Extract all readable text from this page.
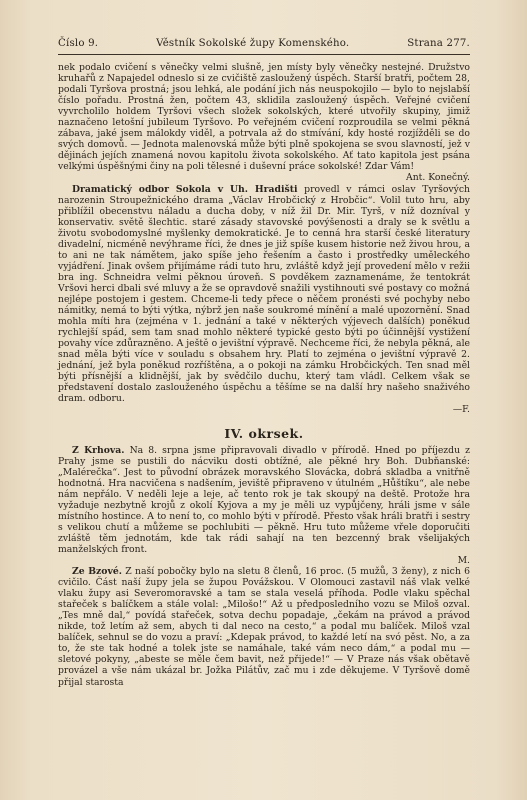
Číslo 9.	Věstník Sokolské župy Komenského.	Strana 277.

nek podalo cvičení s věnečky velmi slušně, jen místy byly věnečky nestejné. Družstvo kruhařů z Napajedel odneslo si ze cvičiště zasloužený úspěch. Starší bratři, počtem 28, podali Tyršova prostná; jsou lehká, ale podání jich nás neuspokojilo — bylo to nejslabší číslo pořadu. Prostná žen, počtem 43, sklidila zasloužený úspěch. Veřejné cvičení vyvrcholilo holdem Tyršovi všech složek sokolských, které utvořily skupiny, jimiž naznačeno letošní jubileum Tyršovo. Po veřejném cvičení rozproudila se velmi pěkná zábava, jaké jsem málokdy viděl, a potrvala až do stmívání, kdy hosté rozjížděli se do svých domovů. — Jednota malenovská může býti plně spokojena se svou slavností, jež v dějinách jejích znamená novou kapitolu života sokolského. Ať tato kapitola jest psána velkými úspěšnými činy na poli tělesné i duševní práce sokolské! Zdar Vám!

Ant. Konečný.

Dramatický odbor Sokola v Uh. Hradišti provedl v rámci oslav Tyršových narozenin Stroupežnického drama „Václav Hrobčický z Hrobčic“. Volil tuto hru, aby přiblížil obecenstvu náladu a ducha doby, v níž žil Dr. Mir. Tyrš, v níž dozníval y konservativ. světě šlechtic. staré zásady stavovské povýšenosti a draly se k světlu a životu svobodomyslné myšlenky demokratické. Je to cenná hra starší české literatury divadelní, nicméně nevýhrame říci, že dnes je již spíše kusem historie než živou hrou, a to ani ne tak námětem, jako spíše jeho řešením a často i prostředky uměleckého vyjádření. Jinak ovšem přijímáme rádi tuto hru, zvláště když její provedení mělo v režii bra ing. Schneidra velmi pěknou úroveň. S povděkem zaznamenáme, že tentokrát Vršovi herci dbali své mluvy a že se opravdově snažili vystihnouti své postavy co možná nejlépe postojem i gestem. Chceme-li tedy přece o něčem pronésti své pochyby nebo námitky, nemá to býti výtka, nýbrž jen naše soukromé mínění a malé upozornění. Snad mohla míti hra (zejména v 1. jednání a také v některých výjevech dalších) poněkud rychlejší spád, sem tam snad mohlo některé typické gesto býti po účinnější vystižení povahy více zdůrazněno. A ještě o jevištní výpravě. Nechceme říci, že nebyla pěkná, ale snad měla býti více v souladu s obsahem hry. Platí to zejména o jevištní výpravě 2. jednání, jež byla poněkud rozříštěna, a o pokoji na zámku Hrobčických. Ten snad měl býti přísnější a klidnější, jak by svědčilo duchu, který tam vládl. Celkem však se představení dostalo zaslouženého úspěchu a těšíme se na další hry našeho snaživého dram. odboru.

—F.
IV. okrsek.

Z Krhova. Na 8. srpna jsme připravovali divadlo v přírodě. Hned po příjezdu z Prahy jsme se pustili do nácviku dosti obtížné, ale pěkné hry Boh. Dubňanské: „Malérečka“. Jest to původní obrázek moravského Slovácka, dobrá skladba a vnitřně hodnotná. Hra nacvičena s nadšením, jeviště připraveno v útulném „Hůštíku“, ale nebe nám nepřálo. V neděli leje a leje, ač tento rok je tak skoupý na deště. Protože hra vyžaduje nezbytně krojů z okolí Kyjova a my je měli uz vypůjčeny, hráli jsme v sále místního hostince. A to není to, co mohlo býti v přírodě. Přesto však hráli bratři i sestry s velikou chutí a můžeme se pochlubiti — pěkně. Hru tuto můžeme vřele doporučiti zvláště těm jednotám, kde tak rádi sahají na ten bezcenný brak všelijakých manželských front.

M.

Ze Bzové. Z naší pobočky bylo na sletu 8 členů, 16 proc. (5 mužů, 3 ženy), z nich 6 cvičilo. Část naší župy jela se župou Povážskou. V Olomouci zastavil náš vlak velké vlaku župy asi Severomoravské a tam se stala veselá příhoda. Podle vlaku spěchal stařeček s balíčkem a stále volal: „Milošo!“ Až u předposledního vozu se Miloš ozval. „Tes mně dal,“ povídá stařeček, sotva dechu popadaje, „čekám na právod a právod nikde, tož letím až sem, abych ti dal neco na cesto,“ a podal mu balíček. Miloš vzal balíček, sehnul se do vozu a praví: „Kdepak právod, to každé letí na svó pěst. No, a za to, že ste tak hodné a tolek jste se namáhale, také vám neco dám,“ a podal mu — sletové pokyny, „abeste se měle čem bavit, než přijede!“ — V Praze nás však obětavě provázel a vše nám ukázal br. Jožka Pilátův, zač mu i zde děkujeme. V Tyršově domě přijal starosta
